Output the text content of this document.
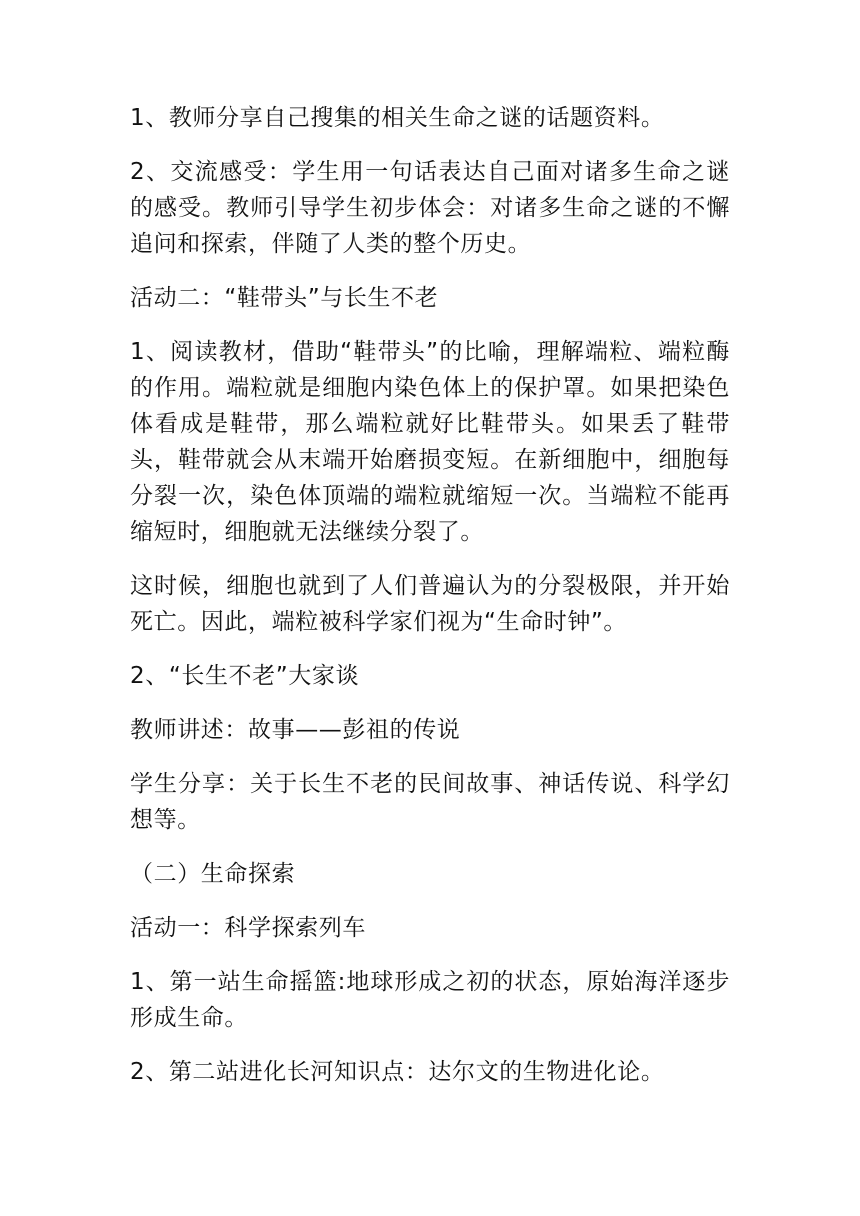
1、教师分享自己搜集的相关生命之谜的话题资料。

2、交流感受：学生用一句话表达自己面对诸多生命之谜的感受。教师引导学生初步体会：对诸多生命之谜的不懈追问和探索，伴随了人类的整个历史。

活动二：“鞋带头”与长生不老

1、阅读教材，借助“鞋带头”的比喻，理解端粒、端粒酶的作用。端粒就是细胞内染色体上的保护罩。如果把染色体看成是鞋带，那么端粒就好比鞋带头。如果丢了鞋带头，鞋带就会从末端开始磨损变短。在新细胞中，细胞每分裂一次，染色体顶端的端粒就缩短一次。当端粒不能再缩短时，细胞就无法继续分裂了。

这时候，细胞也就到了人们普遍认为的分裂极限，并开始死亡。因此，端粒被科学家们视为“生命时钟”。

2、“长生不老”大家谈

教师讲述：故事——彭祖的传说

学生分享：关于长生不老的民间故事、神话传说、科学幻想等。

（二）生命探索

活动一：科学探索列车

1、第一站生命摇篮:地球形成之初的状态，原始海洋逐步形成生命。

2、第二站进化长河知识点：达尔文的生物进化论。
